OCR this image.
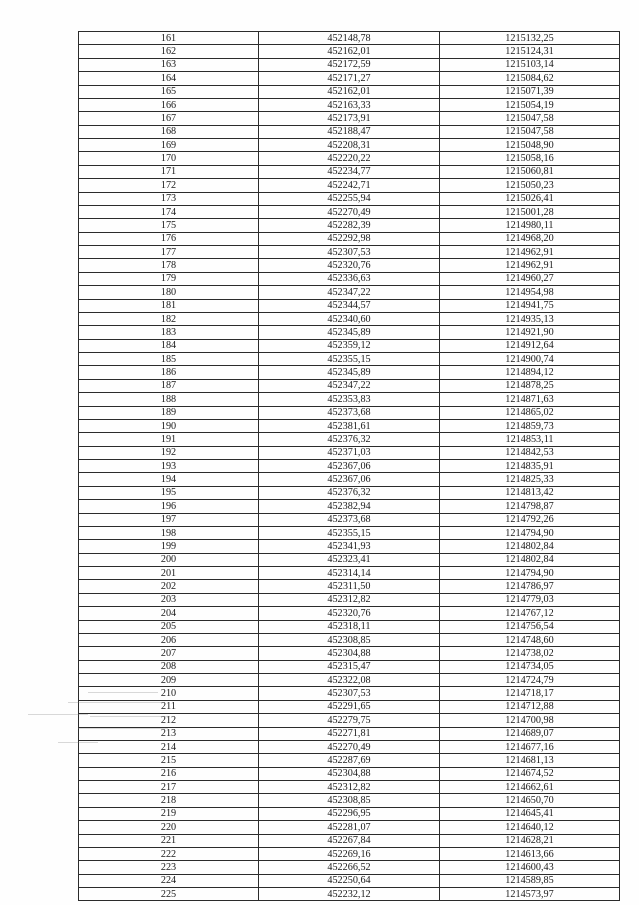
161	452148,78	1215132,25
162	452162,01	1215124,31
163	452172,59	1215103,14
164	452171,27	1215084,62
165	452162,01	1215071,39
166	452163,33	1215054,19
167	452173,91	1215047,58
168	452188,47	1215047,58
169	452208,31	1215048,90
170	452220,22	1215058,16
171	452234,77	1215060,81
172	452242,71	1215050,23
173	452255,94	1215026,41
174	452270,49	1215001,28
175	452282,39	1214980,11
176	452292,98	1214968,20
177	452307,53	1214962,91
178	452320,76	1214962,91
179	452336,63	1214960,27
180	452347,22	1214954,98
181	452344,57	1214941,75
182	452340,60	1214935,13
183	452345,89	1214921,90
184	452359,12	1214912,64
185	452355,15	1214900,74
186	452345,89	1214894,12
187	452347,22	1214878,25
188	452353,83	1214871,63
189	452373,68	1214865,02
190	452381,61	1214859,73
191	452376,32	1214853,11
192	452371,03	1214842,53
193	452367,06	1214835,91
194	452367,06	1214825,33
195	452376,32	1214813,42
196	452382,94	1214798,87
197	452373,68	1214792,26
198	452355,15	1214794,90
199	452341,93	1214802,84
200	452323,41	1214802,84
201	452314,14	1214794,90
202	452311,50	1214786,97
203	452312,82	1214779,03
204	452320,76	1214767,12
205	452318,11	1214756,54
206	452308,85	1214748,60
207	452304,88	1214738,02
208	452315,47	1214734,05
209	452322,08	1214724,79
210	452307,53	1214718,17
211	452291,65	1214712,88
212	452279,75	1214700,98
213	452271,81	1214689,07
214	452270,49	1214677,16
215	452287,69	1214681,13
216	452304,88	1214674,52
217	452312,82	1214662,61
218	452308,85	1214650,70
219	452296,95	1214645,41
220	452281,07	1214640,12
221	452267,84	1214628,21
222	452269,16	1214613,66
223	452266,52	1214600,43
224	452250,64	1214589,85
225	452232,12	1214573,97
